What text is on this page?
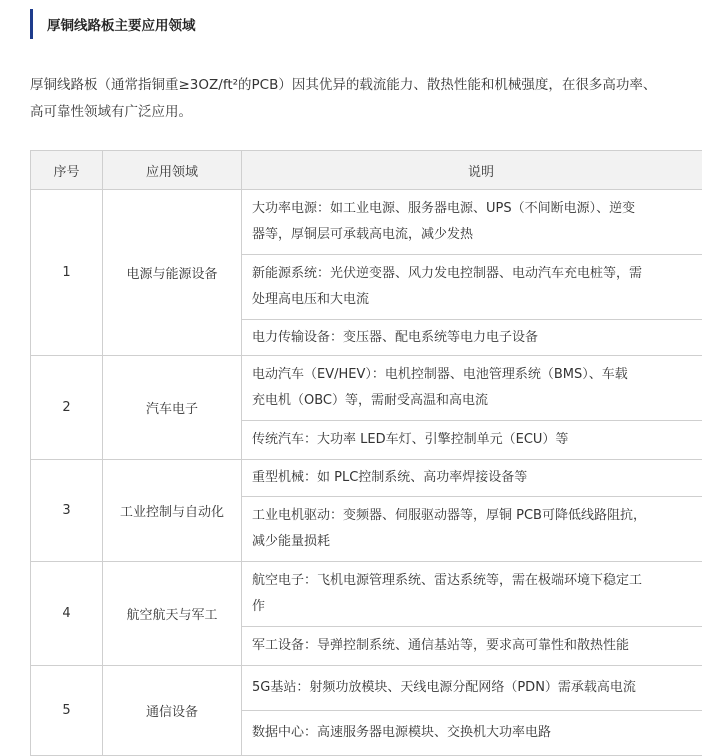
厚铜线路板主要应用领域

厚铜线路板（通常指铜重≥3OZ/ft²的PCB）因其优异的载流能力、散热性能和机械强度，在很多高功率、

高可靠性领域有广泛应用。

序号	应用领域	说明
1	电源与能源设备	大功率电源：如工业电源、服务器电源、UPS（不间断电源）、逆变
器等，厚铜层可承载高电流，减少发热
		新能源系统：光伏逆变器、风力发电控制器、电动汽车充电桩等，需
处理高电压和大电流
		电力传输设备：变压器、配电系统等电力电子设备
2	汽车电子	电动汽车（EV/HEV）：电机控制器、电池管理系统（BMS）、车载
充电机（OBC）等，需耐受高温和高电流
		传统汽车：大功率 LED车灯、引擎控制单元（ECU）等
3	工业控制与自动化	重型机械：如 PLC控制系统、高功率焊接设备等
		工业电机驱动：变频器、伺服驱动器等，厚铜 PCB可降低线路阻抗，
减少能量损耗
4	航空航天与军工	航空电子：飞机电源管理系统、雷达系统等，需在极端环境下稳定工
作
		军工设备：导弹控制系统、通信基站等，要求高可靠性和散热性能
5	通信设备	5G基站：射频功放模块、天线电源分配网络（PDN）需承载高电流
		数据中心：高速服务器电源模块、交换机大功率电路
